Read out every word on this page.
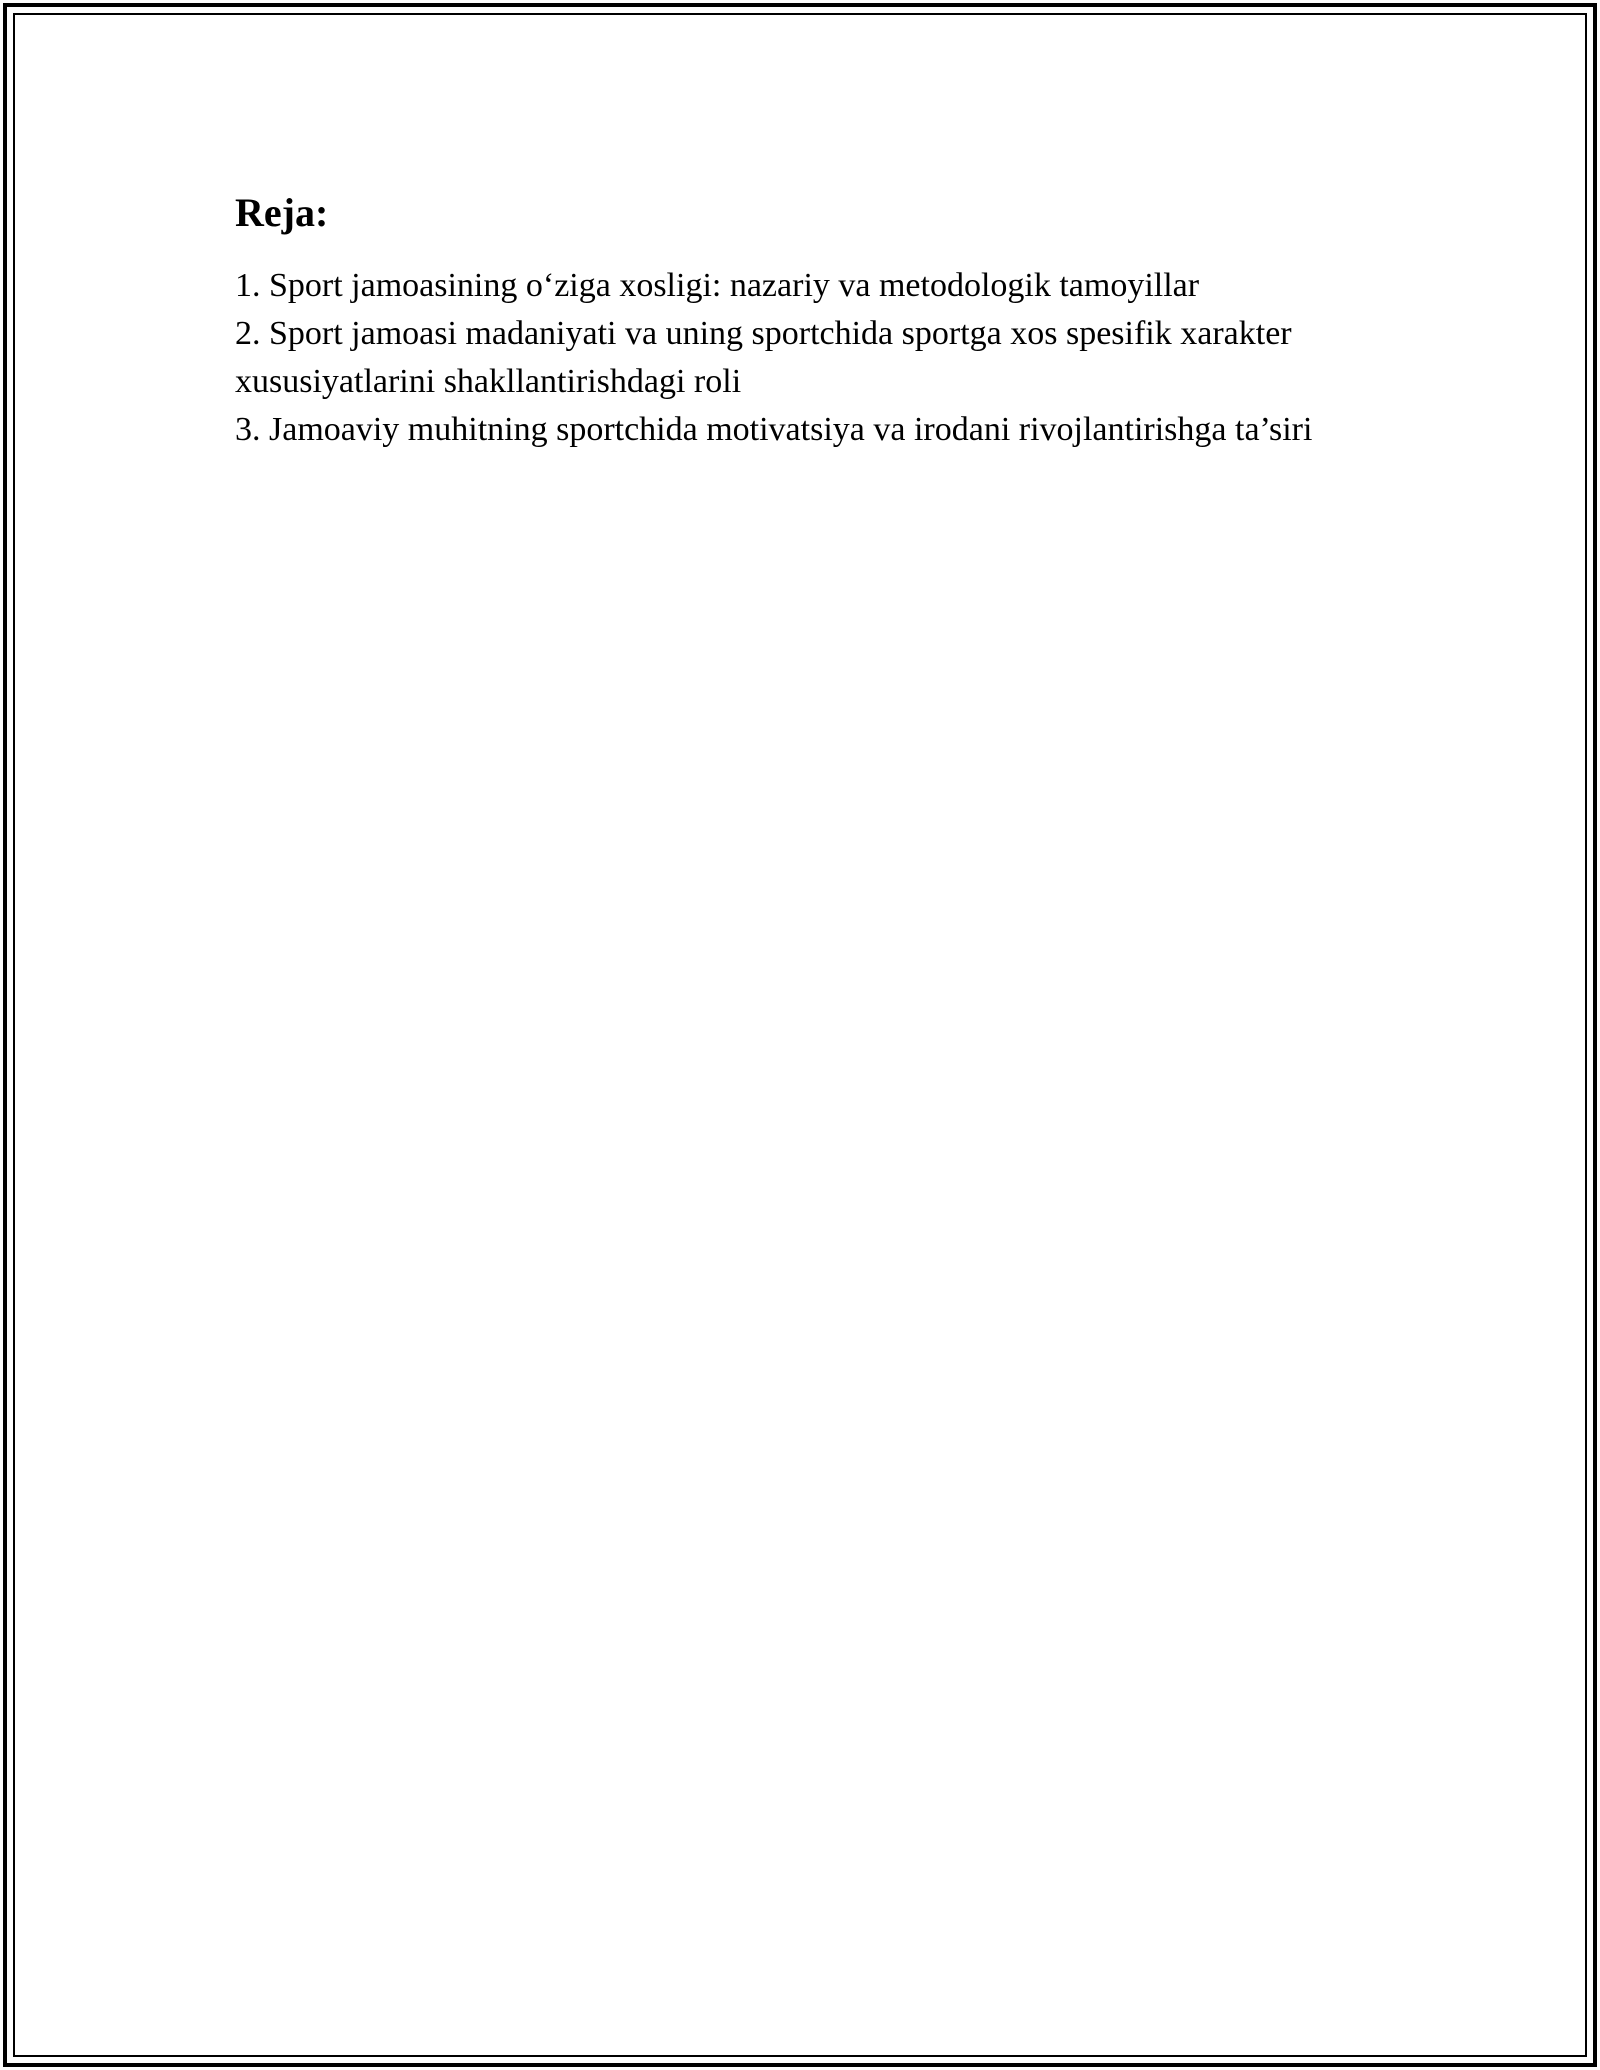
Reja:
1. Sport jamoasining o‘ziga xosligi: nazariy va metodologik tamoyillar
2. Sport jamoasi madaniyati va uning sportchida sportga xos spesifik xarakter xususiyatlarini shakllantirishdagi roli
3. Jamoaviy muhitning sportchida motivatsiya va irodani rivojlantirishga ta’siri
